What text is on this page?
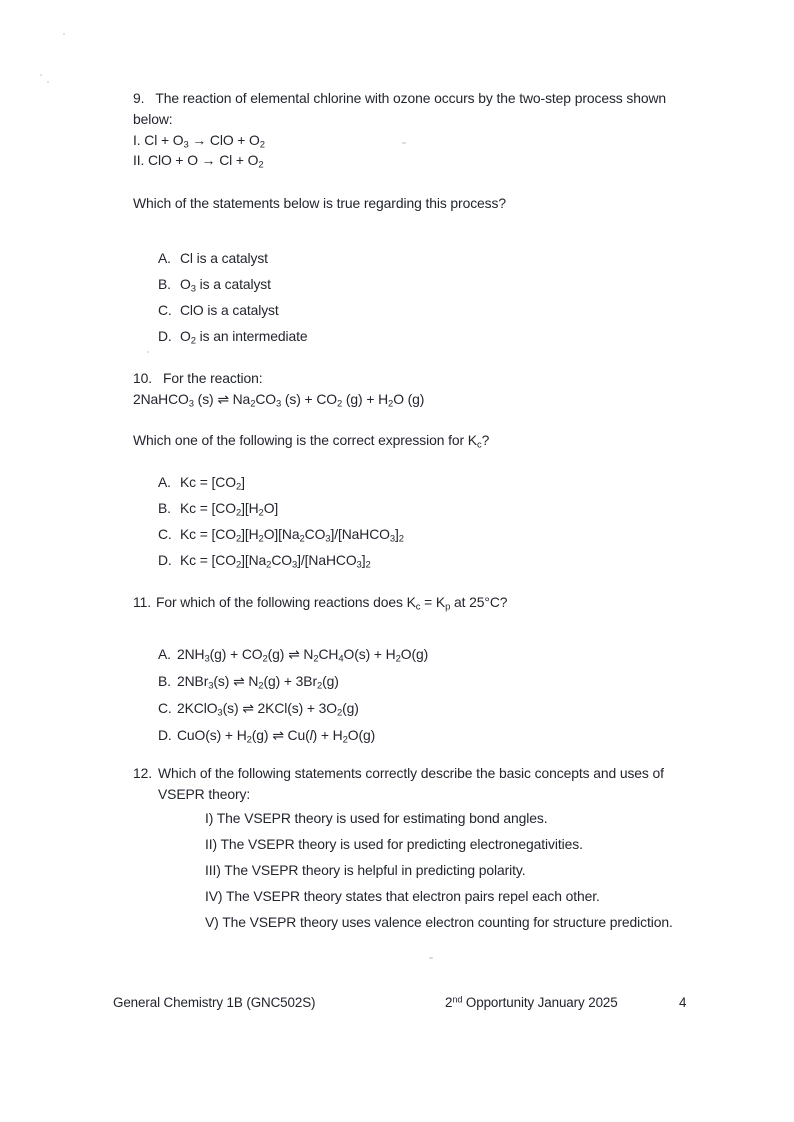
9. The reaction of elemental chlorine with ozone occurs by the two-step process shown
below:

I. $Cl + O_3$ → ClO + $O_2$

II. ClO + $O \to Cl + O_2$

Which of the statements below is true regarding this process?

A. Cl is a catalyst
B. $O_3$ is a catalyst
C. ClO is a catalyst
D. $O_2$ is an intermediate

10. For the reaction:

2NaHCO$_3$ (s) ⇌ $Na_2CO_3$ $(s) + CO_2$ $(g) + H_2O$ (g)

Which one of the following is the correct expression for $K_c$?

A. $Kc = [CO_2]$
B. $Kc = [CO_2][H_2O]$
C. $Kc = [CO_2][H_2O][Na_2CO_3]/[NaHCO_3]_2$
D. $Kc = [CO_2][Na_2CO_3]/[NaHCO_3]_2$

11. For which of the following reactions does $K_c = K_p$ at 25°C?

A. $2NH_3(g) + CO_2(g)$ ⇌ $N_2CH_4O(s) + H_2O(g)$
B. 2NBr$_3$(s) ⇌ $N_2(g) + 3Br_2(g)$
C. 2KClO$_3$(s) ⇌ $2KCl(s) + 3O_2(g)$
D. $CuO(s) + H_2(g)$ ⇌ $Cu(l) + H_2O(g)$
12. Which of the following statements correctly describe the basic concepts and uses of
VSEPR theory:
I) The VSEPR theory is used for estimating bond angles.
II) The VSEPR theory is used for predicting electronegativities.
III) The VSEPR theory is helpful in predicting polarity.
IV) The VSEPR theory states that electron pairs repel each other.
V) The VSEPR theory uses valence electron counting for structure prediction.
General Chemistry 1B (GNC502S)	2nd Opportunity January 2025	4
